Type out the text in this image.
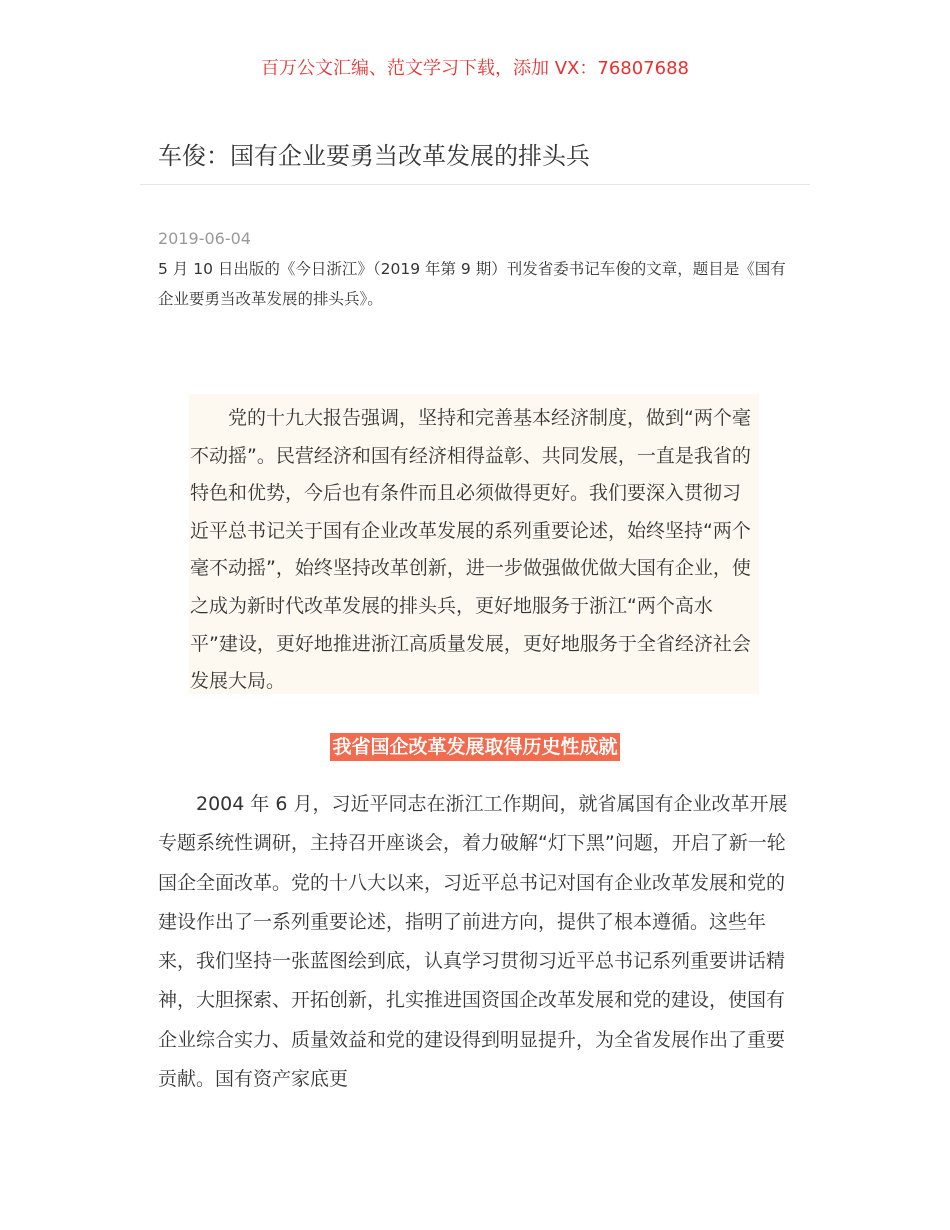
百万公文汇编、范文学习下载，添加 VX：76807688
车俊：国有企业要勇当改革发展的排头兵
2019-06-04

5 月 10 日出版的《今日浙江》（2019 年第 9 期）刊发省委书记车俊的文章，题目是《国有企业要勇当改革发展的排头兵》。

党的十九大报告强调，坚持和完善基本经济制度，做到“两个毫不动摇”。民营经济和国有经济相得益彰、共同发展，一直是我省的特色和优势，今后也有条件而且必须做得更好。我们要深入贯彻习近平总书记关于国有企业改革发展的系列重要论述，始终坚持“两个毫不动摇”，始终坚持改革创新，进一步做强做优做大国有企业，使之成为新时代改革发展的排头兵，更好地服务于浙江“两个高水平”建设，更好地推进浙江高质量发展，更好地服务于全省经济社会发展大局。

我省国企改革发展取得历史性成就

2004 年 6 月，习近平同志在浙江工作期间，就省属国有企业改革开展专题系统性调研，主持召开座谈会，着力破解“灯下黑”问题，开启了新一轮国企全面改革。党的十八大以来，习近平总书记对国有企业改革发展和党的建设作出了一系列重要论述，指明了前进方向，提供了根本遵循。这些年来，我们坚持一张蓝图绘到底，认真学习贯彻习近平总书记系列重要讲话精神，大胆探索、开拓创新，扎实推进国资国企改革发展和党的建设，使国有企业综合实力、质量效益和党的建设得到明显提升，为全省发展作出了重要贡献。国有资产家底更
